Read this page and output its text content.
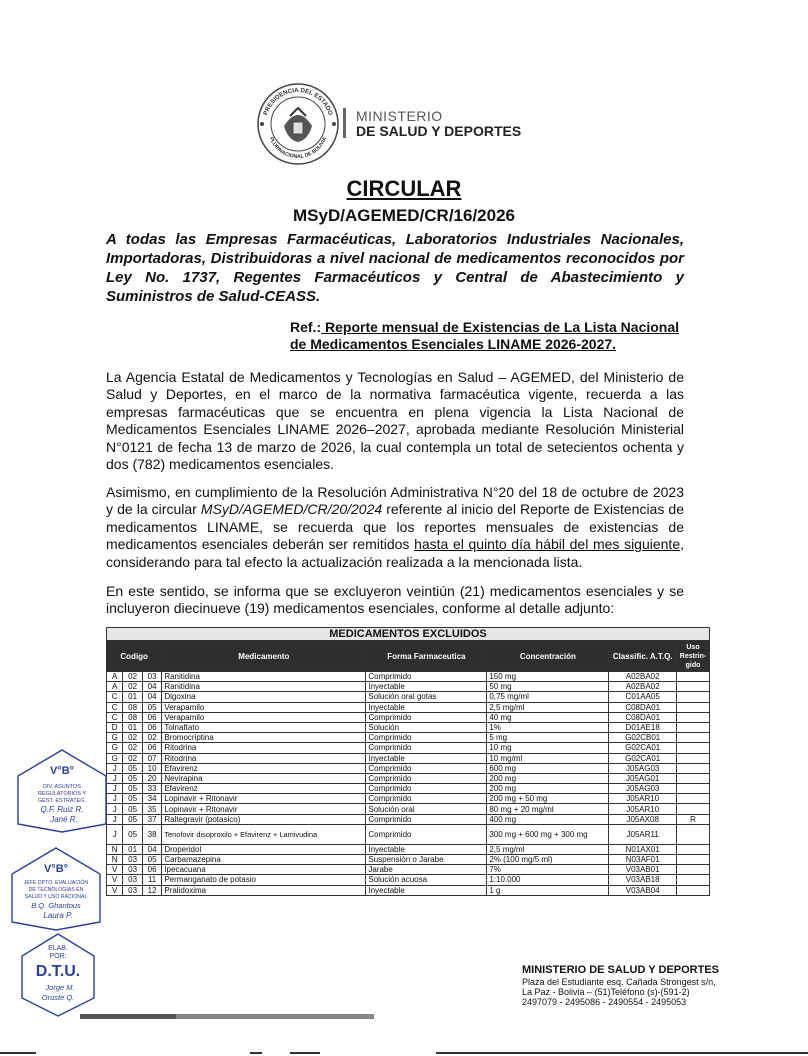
PRESIDENCIA DEL ESTADO
PLURINACIONAL DE BOLIVIA
MINISTERIO
DE SALUD Y DEPORTES
CIRCULAR
MSyD/AGEMED/CR/16/2026
A todas las Empresas Farmacéuticas, Laboratorios Industriales Nacionales, Importadoras, Distribuidoras a nivel nacional de medicamentos reconocidos por Ley No. 1737, Regentes Farmacéuticos y Central de Abastecimiento y Suministros de Salud-CEASS.
Ref.: Reporte mensual de Existencias de La Lista Nacional de Medicamentos Esenciales LINAME 2026-2027.
La Agencia Estatal de Medicamentos y Tecnologías en Salud – AGEMED, del Ministerio de Salud y Deportes, en el marco de la normativa farmacéutica vigente, recuerda a las empresas farmacéuticas que se encuentra en plena vigencia la Lista Nacional de Medicamentos Esenciales LINAME 2026–2027, aprobada mediante Resolución Ministerial N°0121 de fecha 13 de marzo de 2026, la cual contempla un total de setecientos ochenta y dos (782) medicamentos esenciales.
Asimismo, en cumplimiento de la Resolución Administrativa N°20 del 18 de octubre de 2023 y de la circular MSyD/AGEMED/CR/20/2024 referente al inicio del Reporte de Existencias de medicamentos LINAME, se recuerda que los reportes mensuales de existencias de medicamentos esenciales deberán ser remitidos hasta el quinto día hábil del mes siguiente, considerando para tal efecto la actualización realizada a la mencionada lista.
En este sentido, se informa que se excluyeron veintiún (21) medicamentos esenciales y se incluyeron diecinueve (19) medicamentos esenciales, conforme al detalle adjunto:
MEDICAMENTOS EXCLUIDOS							
Codigo			Medicamento	Forma Farmaceutica	Concentración	Classific. A.T.Q.	Uso Restrin-gido
A	02	03	Ranitidina	Comprimido	150 mg	A02BA02	
A	02	04	Ranitidina	Inyectable	50 mg	A02BA02	
C	01	04	Digoxina	Solución oral gotas	0,75 mg/ml	C01AA05	
C	08	05	Verapamilo	Inyectable	2,5 mg/ml	C08DA01	
C	08	06	Verapamilo	Comprimido	40 mg	C08DA01	
D	01	06	Tolnaftato	Solución	1%	D01AE18	
G	02	02	Bromocriptina	Comprimido	5 mg	G02CB01	
G	02	06	Ritodrina	Comprimido	10 mg	G02CA01	
G	02	07	Ritodrina	Inyectable	10 mg/ml	G02CA01	
J	05	10	Efavirenz	Comprimido	600 mg	J05AG03	
J	05	20	Nevirapina	Comprimido	200 mg	J05AG01	
J	05	33	Efavirenz	Comprimido	200 mg	J05AG03	
J	05	34	Lopinavir + Ritonavir	Comprimido	200 mg + 50 mg	J05AR10	
J	05	35	Lopinavir + Ritonavir	Solución oral	80 mg + 20 mg/ml	J05AR10	
J	05	37	Raltegravir (potasico)	Comprimido	400 mg	J05AX08	R
J	05	38	Tenofovir disoproxilo + Efavirenz + Lamivudina	Comprimido	300 mg + 600 mg + 300 mg	J05AR11	
N	01	04	Droperidol	Inyectable	2,5 mg/ml	N01AX01	
N	03	05	Carbamazepina	Suspensión o Jarabe	2% (100 mg/5 ml)	N03AF01	
V	03	06	Ipecacuana	Jarabe	7%	V03AB01	
V	03	11	Permanganato de potasio	Solución acuosa	1:10.000	V03AB18	
V	03	12	Pralidoxima	Inyectable	1 g	V03AB04	
V°B°
DIV. ASUNTOS
REGULATORIOS Y
GEST. ESTRATEG.
Q.F. Ruiz R.
Jané R.
V°B°
JEFE DPTO. EVALUACIÓN
DE TECNOLOGÍAS EN
SALUD Y USO RACIONAL
B.Q. Ghantous
Laura P.
ELAB.
POR:
D.T.U.
Jorge M.
Oruste Q.
MINISTERIO DE SALUD Y DEPORTES
Plaza del Estudiante esq. Cañada Strongest s/n,
La Paz - Bolivia – (51)Teléfono (s)-(591-2)
2497079 - 2495086 - 2490554 - 2495053
